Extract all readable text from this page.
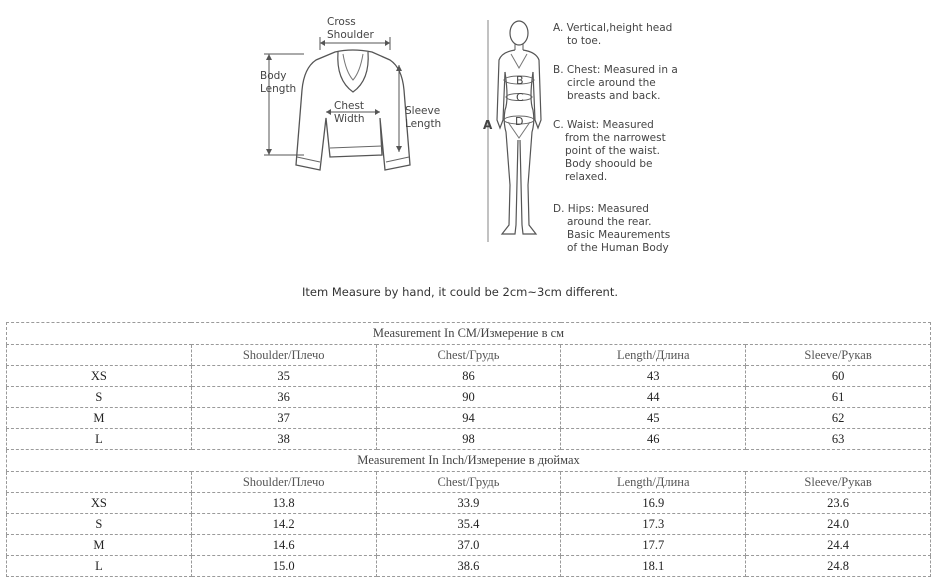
Cross
Shoulder
Body
Length
Chest
Width
Sleeve
Length	A
B
C
D
A. Vertical,height head
to toe.
B. Chest: Measured in a
circle around the
breasts and back.
C. Waist: Measured
from the narrowest
point of the waist.
Body shoould be
relaxed.
D. Hips: Measured
around the rear.
Basic Meaurements
of the Human Body
Item Measure by hand, it could be 2cm~3cm different.
Measurement In CM/Измерение в см				
	Shoulder/Плечо	Chest/Грудь	Length/Длина	Sleeve/Рукав
XS	35	86	43	60
S	36	90	44	61
M	37	94	45	62
L	38	98	46	63
Measurement In Inch/Измерение в дюймах				
	Shoulder/Плечо	Chest/Грудь	Length/Длина	Sleeve/Рукав
XS	13.8	33.9	16.9	23.6
S	14.2	35.4	17.3	24.0
M	14.6	37.0	17.7	24.4
L	15.0	38.6	18.1	24.8
